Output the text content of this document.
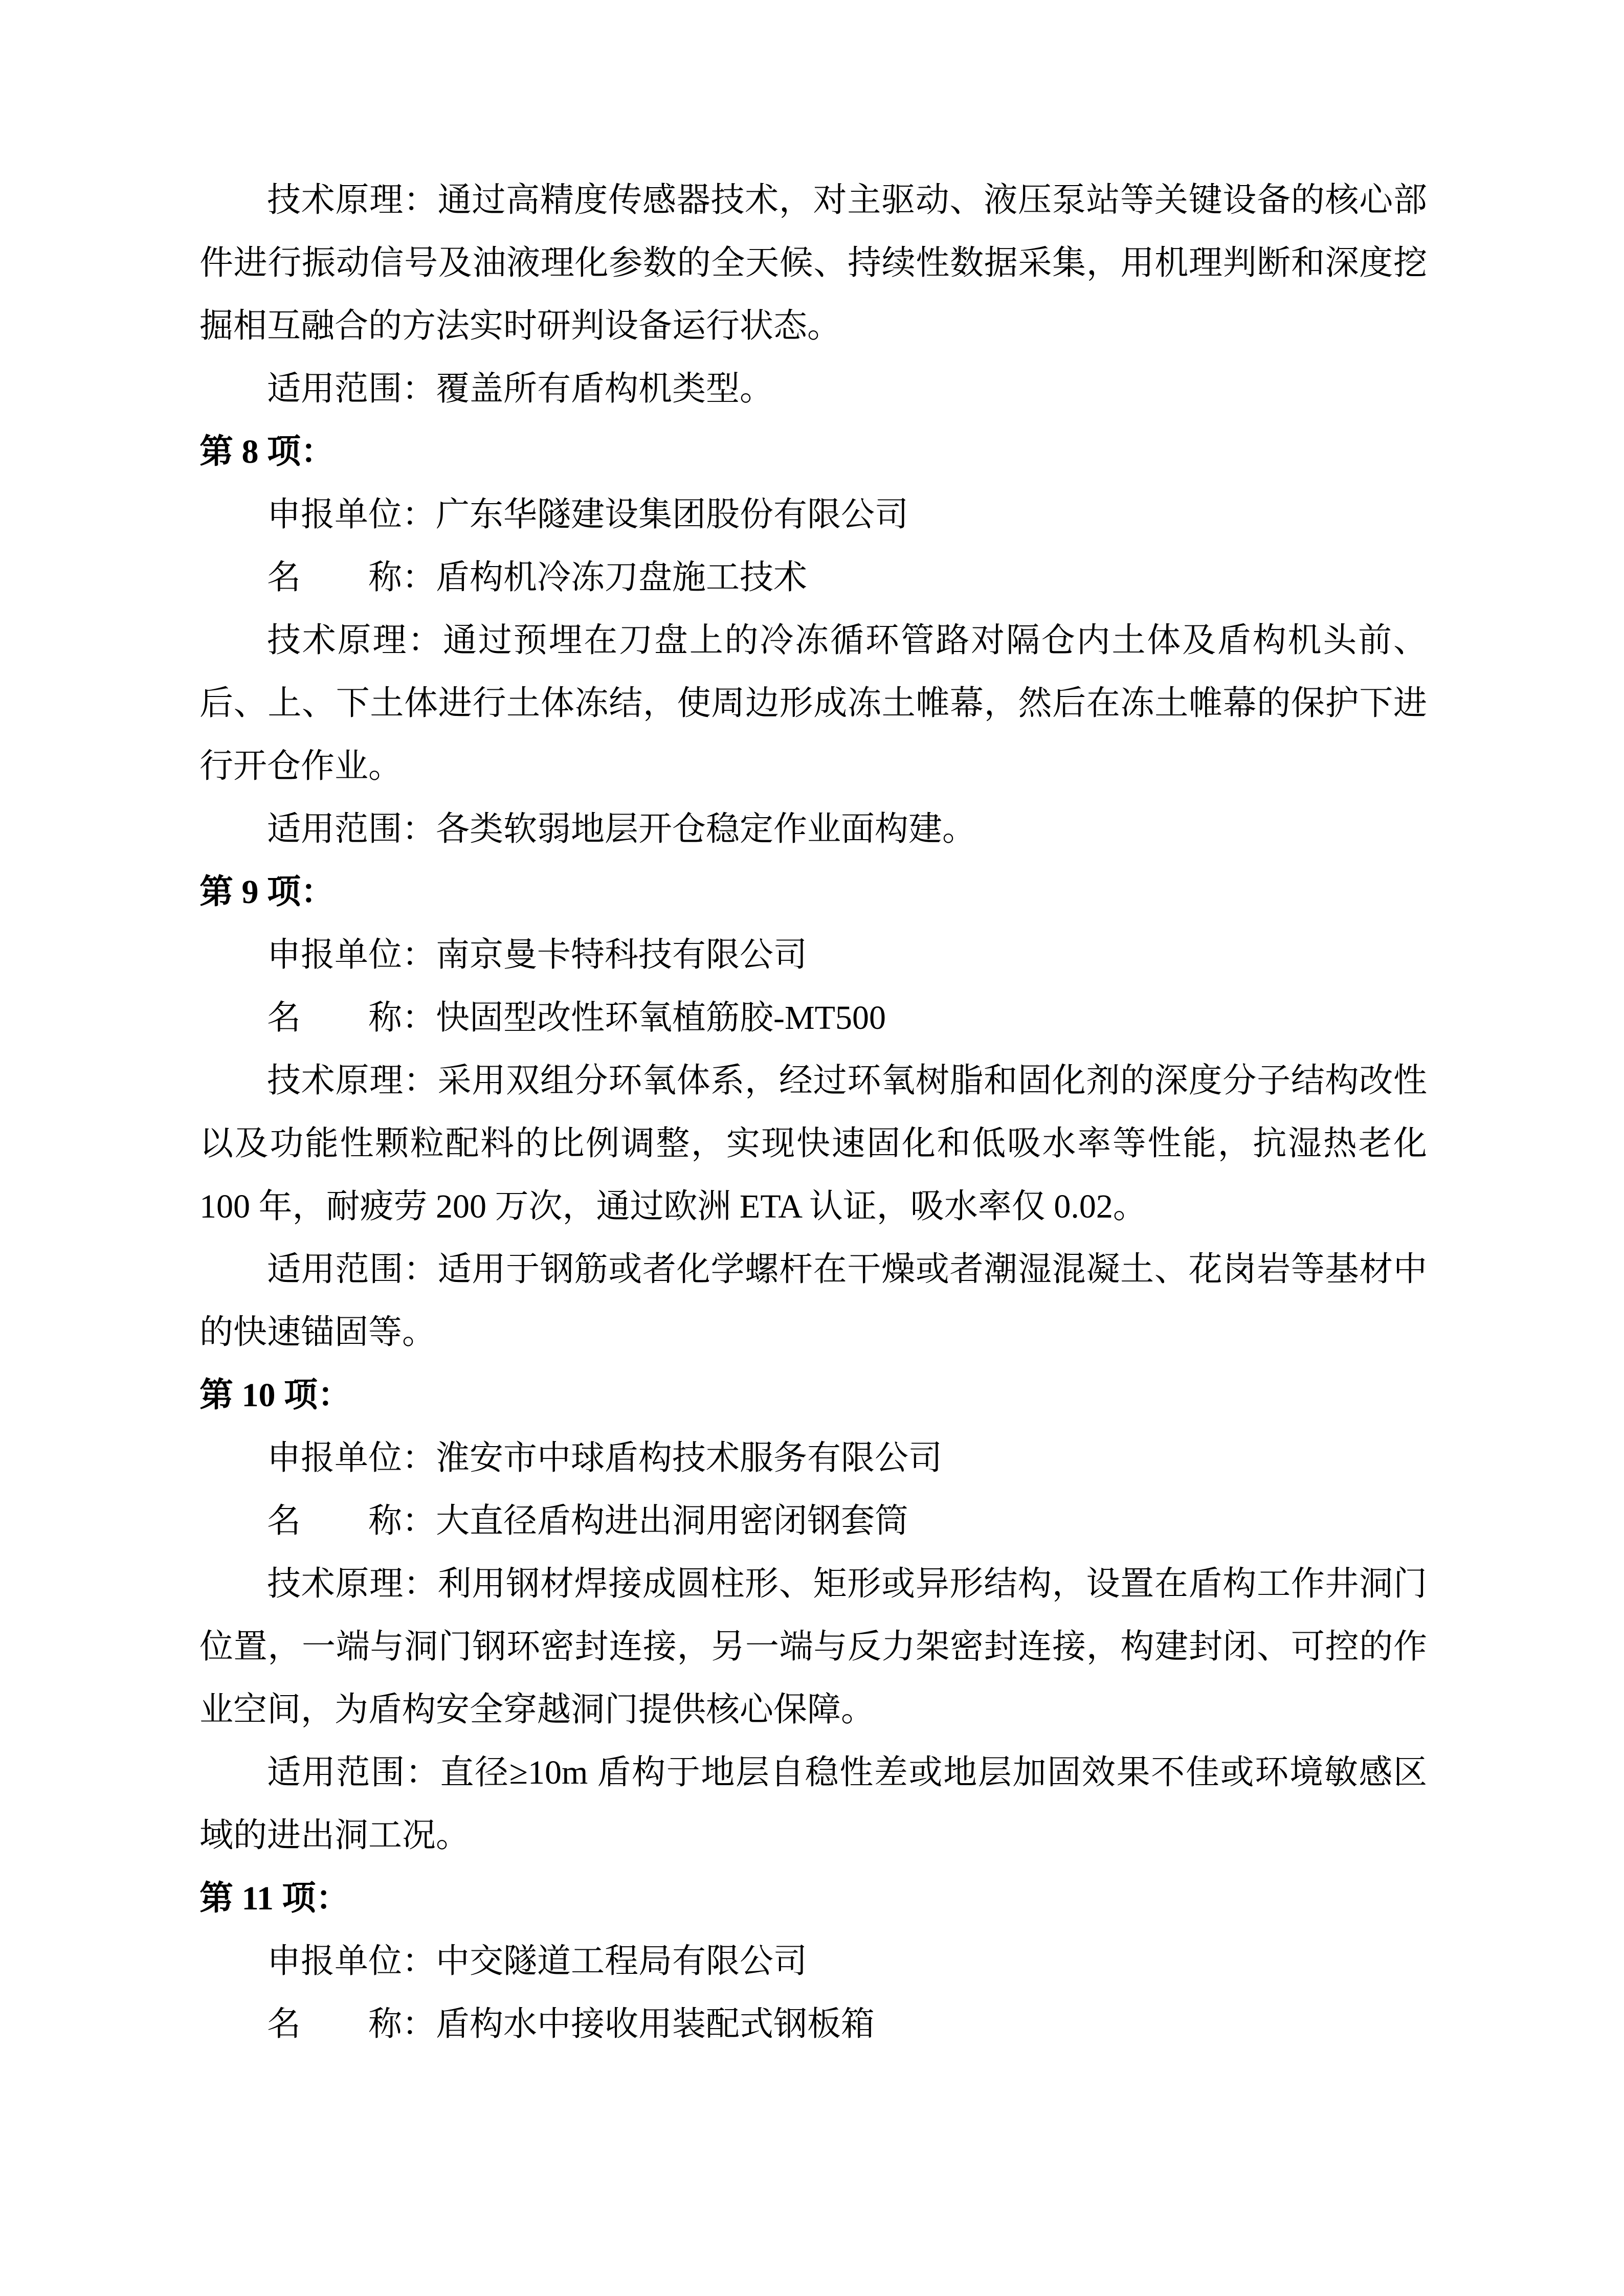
技术原理：通过高精度传感器技术，对主驱动、液压泵站等关键设备的核心部件进行振动信号及油液理化参数的全天候、持续性数据采集，用机理判断和深度挖掘相互融合的方法实时研判设备运行状态。

适用范围：覆盖所有盾构机类型。

第 8 项：

申报单位：广东华隧建设集团股份有限公司

名　　称：盾构机冷冻刀盘施工技术

技术原理：通过预埋在刀盘上的冷冻循环管路对隔仓内土体及盾构机头前、后、上、下土体进行土体冻结，使周边形成冻土帷幕，然后在冻土帷幕的保护下进行开仓作业。

适用范围：各类软弱地层开仓稳定作业面构建。

第 9 项：

申报单位：南京曼卡特科技有限公司

名　　称：快固型改性环氧植筋胶-MT500

技术原理：采用双组分环氧体系，经过环氧树脂和固化剂的深度分子结构改性以及功能性颗粒配料的比例调整，实现快速固化和低吸水率等性能，抗湿热老化 100 年，耐疲劳 200 万次，通过欧洲 ETA 认证，吸水率仅 0.02。

适用范围：适用于钢筋或者化学螺杆在干燥或者潮湿混凝土、花岗岩等基材中的快速锚固等。

第 10 项：

申报单位：淮安市中球盾构技术服务有限公司

名　　称：大直径盾构进出洞用密闭钢套筒

技术原理：利用钢材焊接成圆柱形、矩形或异形结构，设置在盾构工作井洞门位置，一端与洞门钢环密封连接，另一端与反力架密封连接，构建封闭、可控的作业空间，为盾构安全穿越洞门提供核心保障。

适用范围：直径≥10m 盾构于地层自稳性差或地层加固效果不佳或环境敏感区域的进出洞工况。

第 11 项：

申报单位：中交隧道工程局有限公司

名　　称：盾构水中接收用装配式钢板箱
